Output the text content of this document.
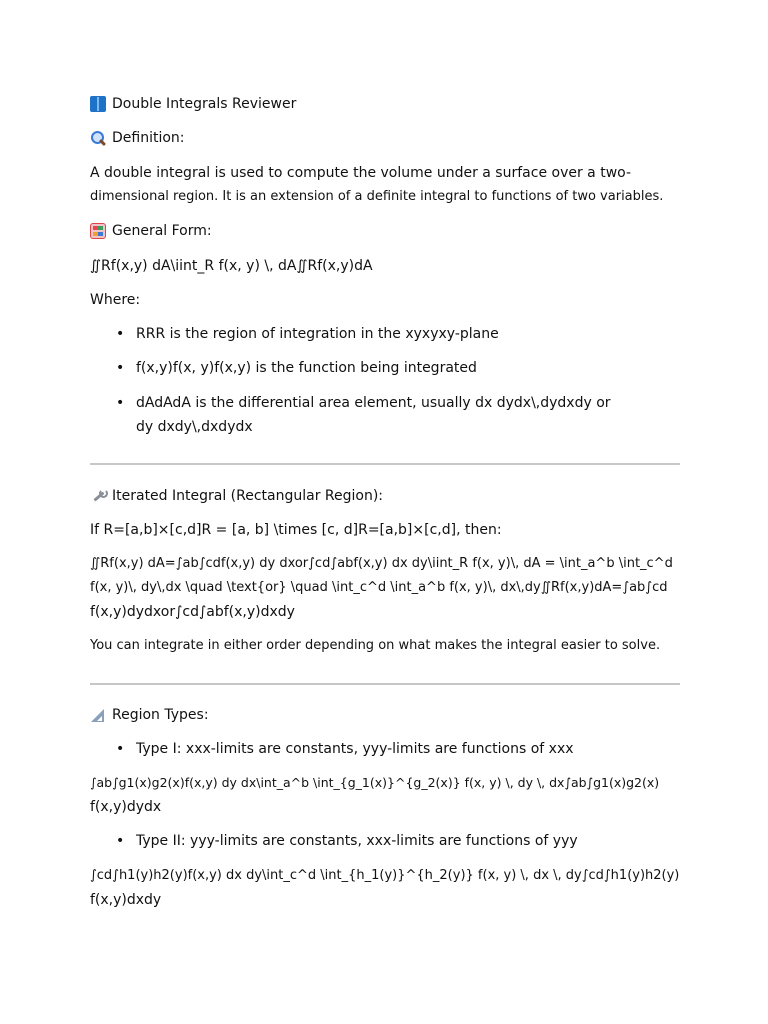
Double Integrals Reviewer
Definition:
A double integral is used to compute the volume under a surface over a two-
dimensional region. It is an extension of a definite integral to functions of two variables.
General Form:
∬Rf(x,y) dA\iint_R f(x, y) \, dA∬Rf(x,y)dA
Where:
• RRR is the region of integration in the xyxyxy-plane
• f(x,y)f(x, y)f(x,y) is the function being integrated
• dAdAdA is the differential area element, usually dx dydx\,dydxdy or
dy dxdy\,dxdydx
Iterated Integral (Rectangular Region):
If R=[a,b]×[c,d]R = [a, b] \times [c, d]R=[a,b]×[c,d], then:
∬Rf(x,y) dA=∫ab∫cdf(x,y) dy dxor∫cd∫abf(x,y) dx dy\iint_R f(x, y)\, dA = \int_a^b \int_c^d
f(x, y)\, dy\,dx \quad \text{or} \quad \int_c^d \int_a^b f(x, y)\, dx\,dy∬Rf(x,y)dA=∫ab∫cd
f(x,y)dydxor∫cd∫abf(x,y)dxdy
You can integrate in either order depending on what makes the integral easier to solve.
Region Types:
• Type I: xxx-limits are constants, yyy-limits are functions of xxx
∫ab∫g1(x)g2(x)f(x,y) dy dx\int_a^b \int_{g_1(x)}^{g_2(x)} f(x, y) \, dy \, dx∫ab∫g1(x)g2(x)
f(x,y)dydx
• Type II: yyy-limits are constants, xxx-limits are functions of yyy
∫cd∫h1(y)h2(y)f(x,y) dx dy\int_c^d \int_{h_1(y)}^{h_2(y)} f(x, y) \, dx \, dy∫cd∫h1(y)h2(y)
f(x,y)dxdy
